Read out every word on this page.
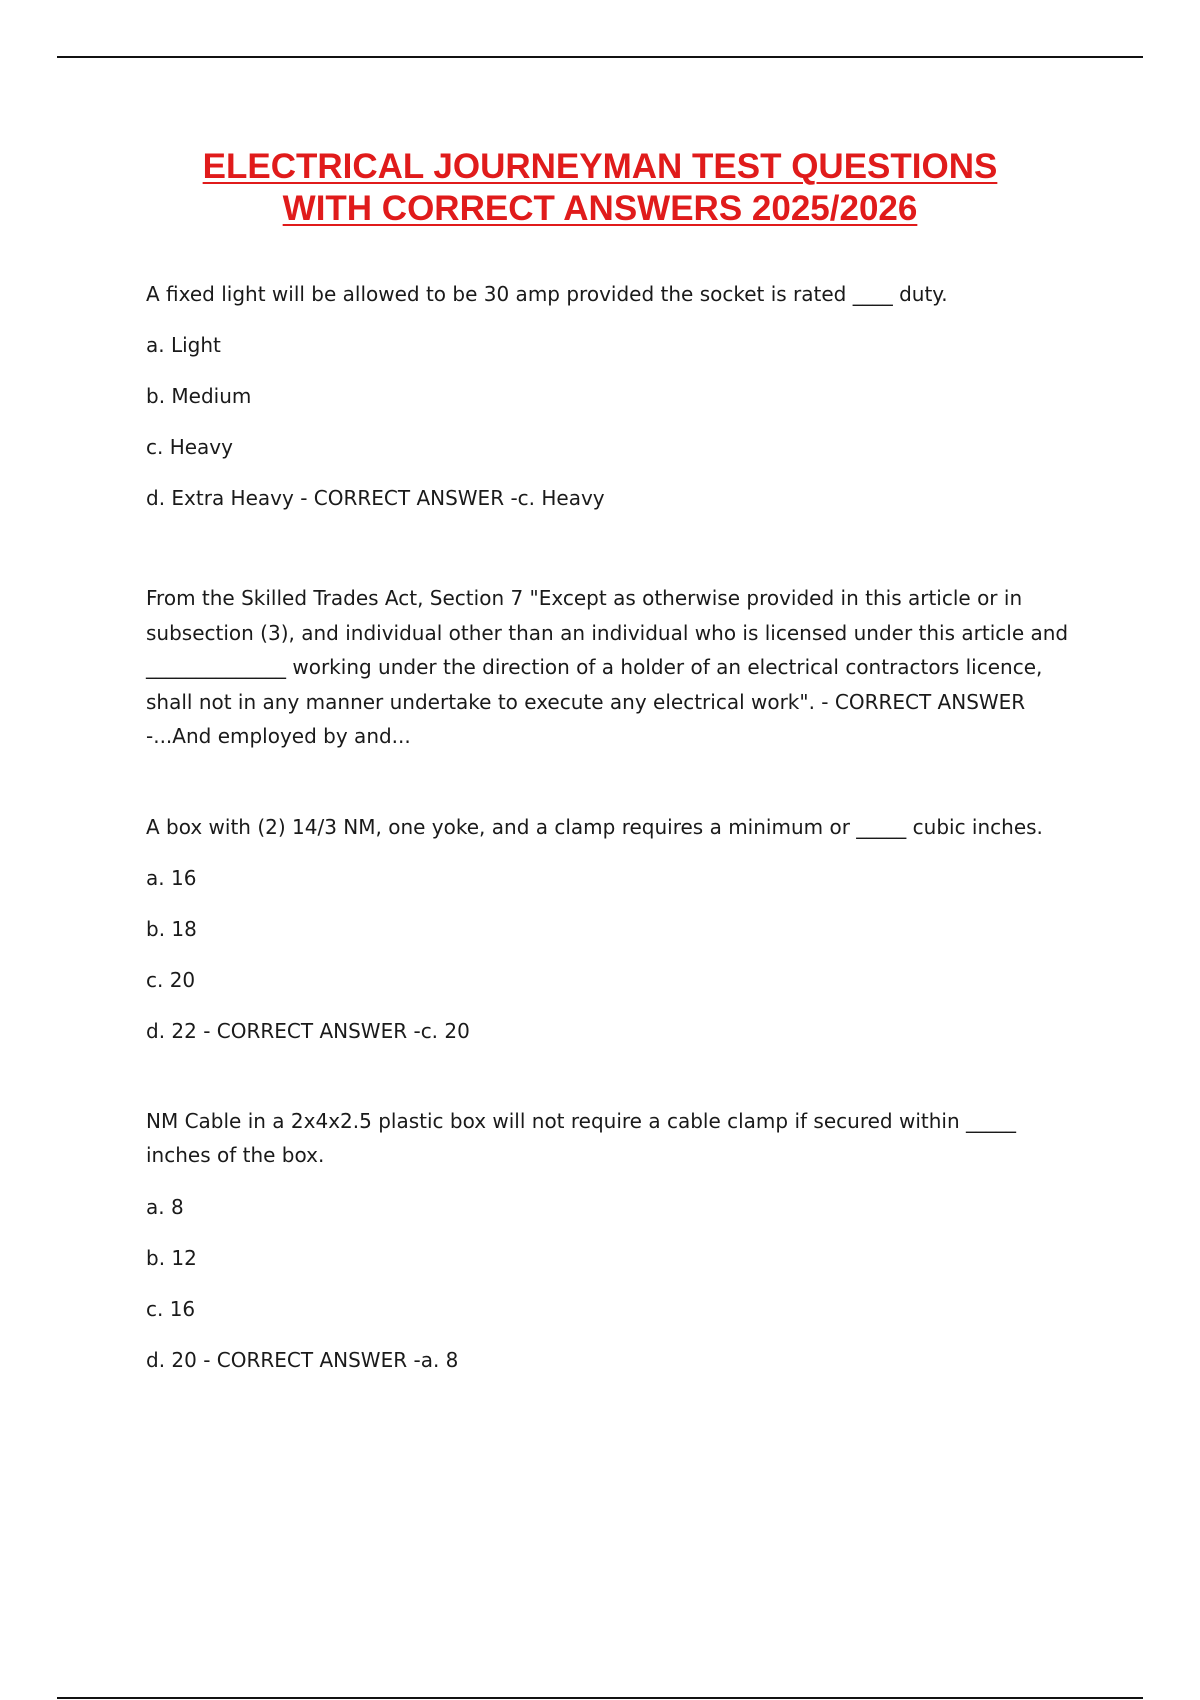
ELECTRICAL JOURNEYMAN TEST QUESTIONS
WITH CORRECT ANSWERS 2025/2026

A fixed light will be allowed to be 30 amp provided the socket is rated ____ duty.

a. Light

b. Medium

c. Heavy

d. Extra Heavy - CORRECT ANSWER -c. Heavy

From the Skilled Trades Act, Section 7 "Except as otherwise provided in this article or in subsection (3), and individual other than an individual who is licensed under this article and ______________ working under the direction of a holder of an electrical contractors licence, shall not in any manner undertake to execute any electrical work". - CORRECT ANSWER -...And employed by and...

A box with (2) 14/3 NM, one yoke, and a clamp requires a minimum or _____ cubic inches.

a. 16

b. 18

c. 20

d. 22 - CORRECT ANSWER -c. 20

NM Cable in a 2x4x2.5 plastic box will not require a cable clamp if secured within _____ inches of the box.

a. 8

b. 12

c. 16

d. 20 - CORRECT ANSWER -a. 8
